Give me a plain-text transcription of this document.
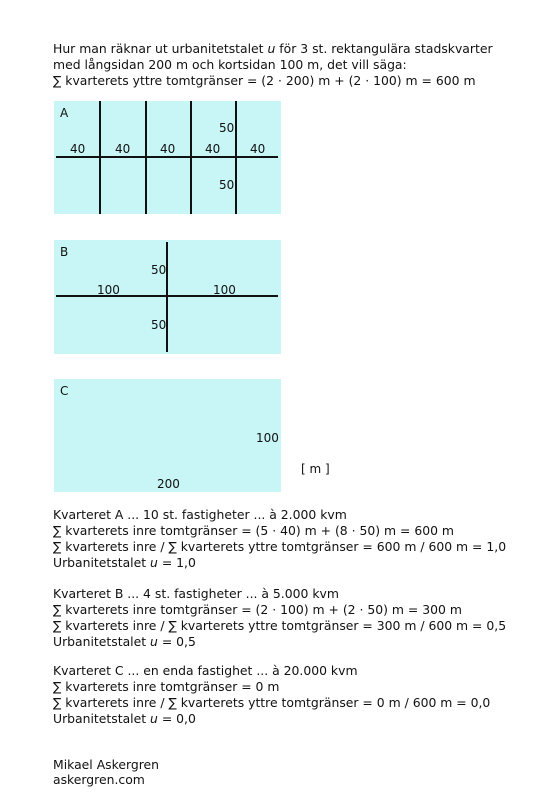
Hur man räknar ut urbanitetstalet u för 3 st. rektangulära stadskvarter
med långsidan 200 m och kortsidan 100 m, det vill säga:
∑ kvarterets yttre tomtgränser = (2 · 200) m + (2 · 100) m = 600 m
A
40 40 40 40 40
50
50
B
50
100	100
50
C
100
200
[ m ]
Kvarteret A ... 10 st. fastigheter ... à 2.000 kvm
∑ kvarterets inre tomtgränser = (5 · 40) m + (8 · 50) m = 600 m
∑ kvarterets inre / ∑ kvarterets yttre tomtgränser = 600 m / 600 m = 1,0
Urbanitetstalet u = 1,0
Kvarteret B ... 4 st. fastigheter ... à 5.000 kvm
∑ kvarterets inre tomtgränser = (2 · 100) m + (2 · 50) m = 300 m
∑ kvarterets inre / ∑ kvarterets yttre tomtgränser = 300 m / 600 m = 0,5
Urbanitetstalet u = 0,5
Kvarteret C ... en enda fastighet ... à 20.000 kvm
∑ kvarterets inre tomtgränser = 0 m
∑ kvarterets inre / ∑ kvarterets yttre tomtgränser = 0 m / 600 m = 0,0
Urbanitetstalet u = 0,0
Mikael Askergren
askergren.com
